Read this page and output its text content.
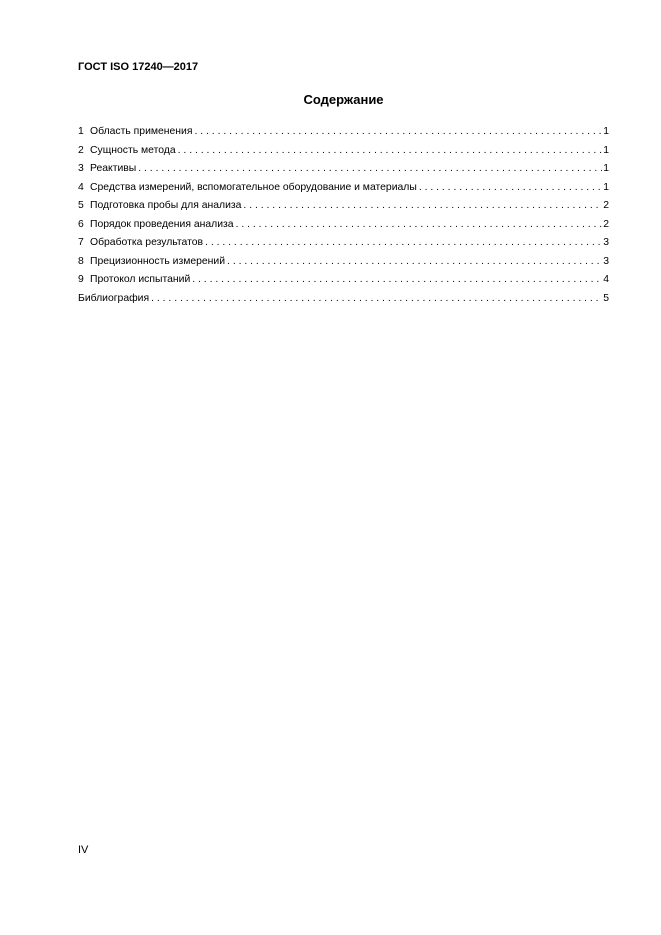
ГОСТ ISO 17240—2017
Содержание
1 Область применения . . .	1
2 Сущность метода . . .	1
3 Реактивы . . .	1
4 Средства измерений, вспомогательное оборудование и материалы . . .	1
5 Подготовка пробы для анализа . . .	2
6 Порядок проведения анализа . . .	2
7 Обработка результатов . . .	3
8 Прецизионность измерений . . .	3
9 Протокол испытаний . . .	4
Библиография . . .	5
IV
